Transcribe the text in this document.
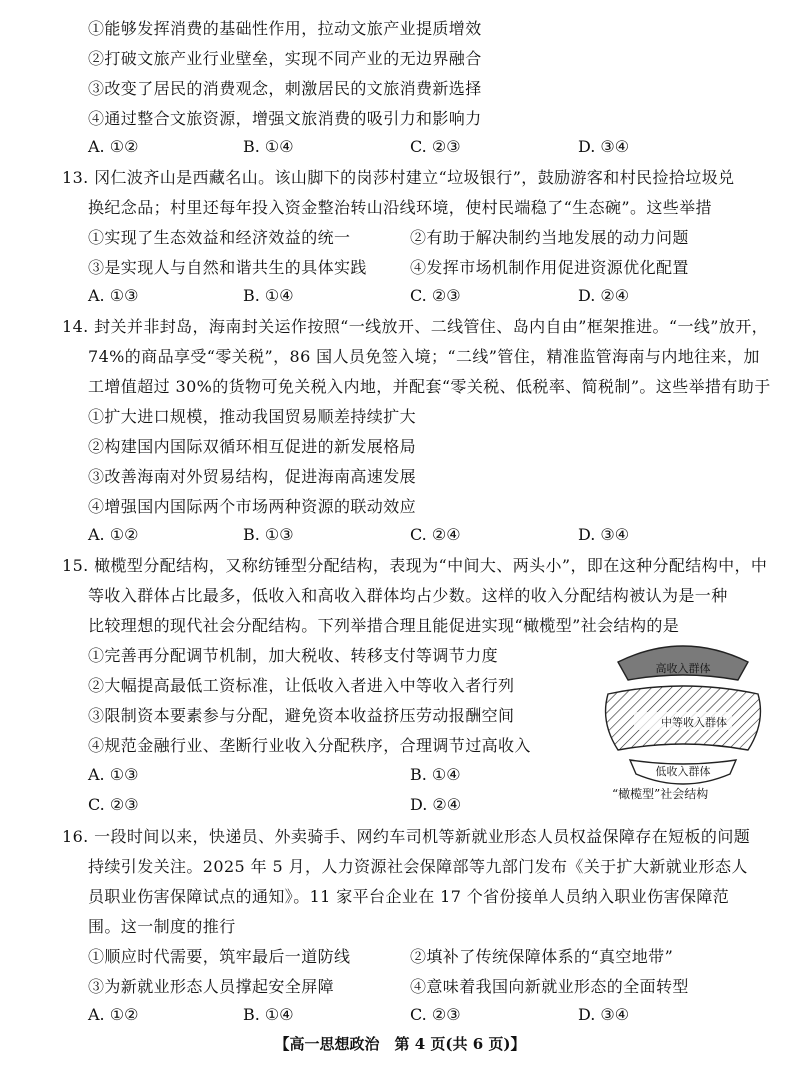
①能够发挥消费的基础性作用，拉动文旅产业提质增效
②打破文旅产业行业壁垒，实现不同产业的无边界融合
③改变了居民的消费观念，刺激居民的文旅消费新选择
④通过整合文旅资源，增强文旅消费的吸引力和影响力
A. ①②	B. ①④	C. ②③	D. ③④
13. 冈仁波齐山是西藏名山。该山脚下的岗莎村建立“垃圾银行”，鼓励游客和村民捡拾垃圾兑
换纪念品；村里还每年投入资金整治转山沿线环境，使村民端稳了“生态碗”。这些举措
①实现了生态效益和经济效益的统一	②有助于解决制约当地发展的动力问题
③是实现人与自然和谐共生的具体实践	④发挥市场机制作用促进资源优化配置
A. ①③	B. ①④	C. ②③	D. ②④
14. 封关并非封岛，海南封关运作按照“一线放开、二线管住、岛内自由”框架推进。“一线”放开，
74%的商品享受“零关税”，86 国人员免签入境；“二线”管住，精准监管海南与内地往来，加
工增值超过 30%的货物可免关税入内地，并配套“零关税、低税率、简税制”。这些举措有助于
①扩大进口规模，推动我国贸易顺差持续扩大
②构建国内国际双循环相互促进的新发展格局
③改善海南对外贸易结构，促进海南高速发展
④增强国内国际两个市场两种资源的联动效应
A. ①②	B. ①③	C. ②④	D. ③④
15. 橄榄型分配结构，又称纺锤型分配结构，表现为“中间大、两头小”，即在这种分配结构中，中
等收入群体占比最多，低收入和高收入群体均占少数。这样的收入分配结构被认为是一种
比较理想的现代社会分配结构。下列举措合理且能促进实现“橄榄型”社会结构的是
①完善再分配调节机制，加大税收、转移支付等调节力度
②大幅提高最低工资标准，让低收入者进入中等收入者行列
③限制资本要素参与分配，避免资本收益挤压劳动报酬空间
④规范金融行业、垄断行业收入分配秩序，合理调节过高收入
A. ①③	B. ①④
C. ②③	D. ②④
高收入群体
中等收入群体
低收入群体
“橄榄型”社会结构
16. 一段时间以来，快递员、外卖骑手、网约车司机等新就业形态人员权益保障存在短板的问题
持续引发关注。2025 年 5 月，人力资源社会保障部等九部门发布《关于扩大新就业形态人
员职业伤害保障试点的通知》。11 家平台企业在 17 个省份接单人员纳入职业伤害保障范
围。这一制度的推行
①顺应时代需要，筑牢最后一道防线	②填补了传统保障体系的“真空地带”
③为新就业形态人员撑起安全屏障	④意味着我国向新就业形态的全面转型
A. ①②	B. ①④	C. ②③	D. ③④
【高一思想政治　第 4 页(共 6 页)】
